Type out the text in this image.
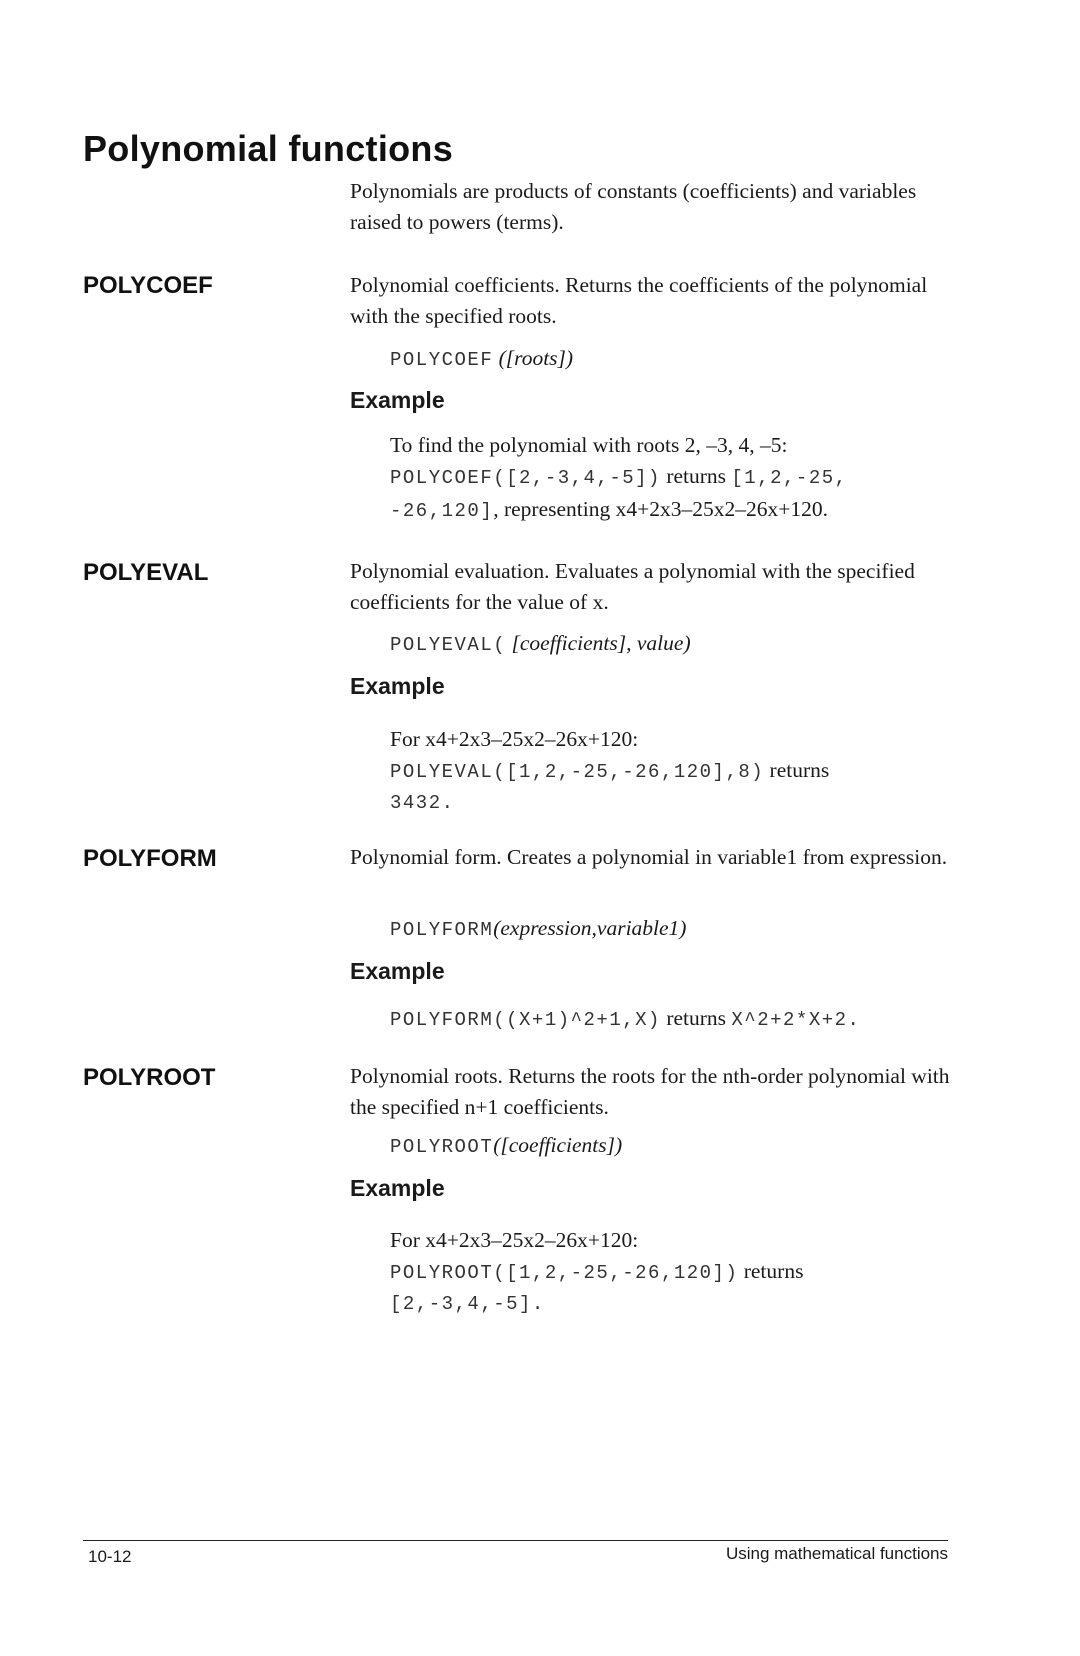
Polynomial functions
Polynomials are products of constants (coefficients) and variables raised to powers (terms).
POLYCOEF	Polynomial coefficients. Returns the coefficients of the polynomial with the specified roots.
POLYCOEF ([roots])
Example
To find the polynomial with roots 2, –3, 4, –5:
POLYCOEF([2,-3,4,-5]) returns [1,2,-25,
-26,120], representing x4+2x3–25x2–26x+120.
POLYEVAL	Polynomial evaluation. Evaluates a polynomial with the specified coefficients for the value of x.
POLYEVAL( [coefficients], value)
Example
For x4+2x3–25x2–26x+120:
POLYEVAL([1,2,-25,-26,120],8) returns
3432.
POLYFORM	Polynomial form. Creates a polynomial in variable1 from expression.
POLYFORM(expression,variable1)
Example
POLYFORM((X+1)^2+1,X) returns X^2+2*X+2.
POLYROOT	Polynomial roots. Returns the roots for the nth-order polynomial with the specified n+1 coefficients.
POLYROOT([coefficients])
Example
For x4+2x3–25x2–26x+120:
POLYROOT([1,2,-25,-26,120]) returns
[2,-3,4,-5].
10-12	Using mathematical functions
